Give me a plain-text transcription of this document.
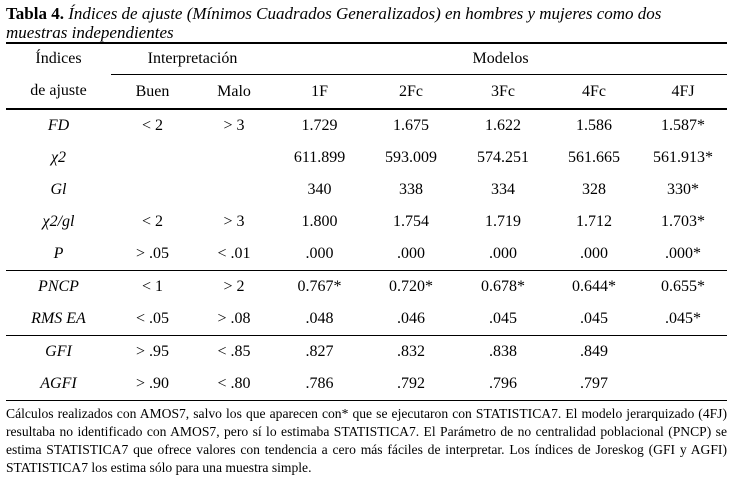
Tabla 4. Índices de ajuste (Mínimos Cuadrados Generalizados) en hombres y mujeres como dos muestras independientes
Índices	Interpretación		Modelos				
de ajuste	Buen	Malo	1F	2Fc	3Fc	4Fc	4FJ
FD	< 2	> 3	1.729	1.675	1.622	1.586	1.587*
χ2			611.899	593.009	574.251	561.665	561.913*
Gl			340	338	334	328	330*
χ2/gl	< 2	> 3	1.800	1.754	1.719	1.712	1.703*
P	> .05	< .01	.000	.000	.000	.000	.000*
PNCP	< 1	> 2	0.767*	0.720*	0.678*	0.644*	0.655*
RMS EA	< .05	> .08	.048	.046	.045	.045	.045*
GFI	> .95	< .85	.827	.832	.838	.849	
AGFI	> .90	< .80	.786	.792	.796	.797	
Cálculos realizados con AMOS7, salvo los que aparecen con* que se ejecutaron con STATISTICA7. El modelo jerarquizado (4FJ) resultaba no identificado con AMOS7, pero sí lo estimaba STATISTICA7. El Parámetro de no centralidad poblacional (PNCP) se estima STATISTICA7 que ofrece valores con tendencia a cero más fáciles de interpretar. Los índices de Joreskog (GFI y AGFI) STATISTICA7 los estima sólo para una muestra simple.
